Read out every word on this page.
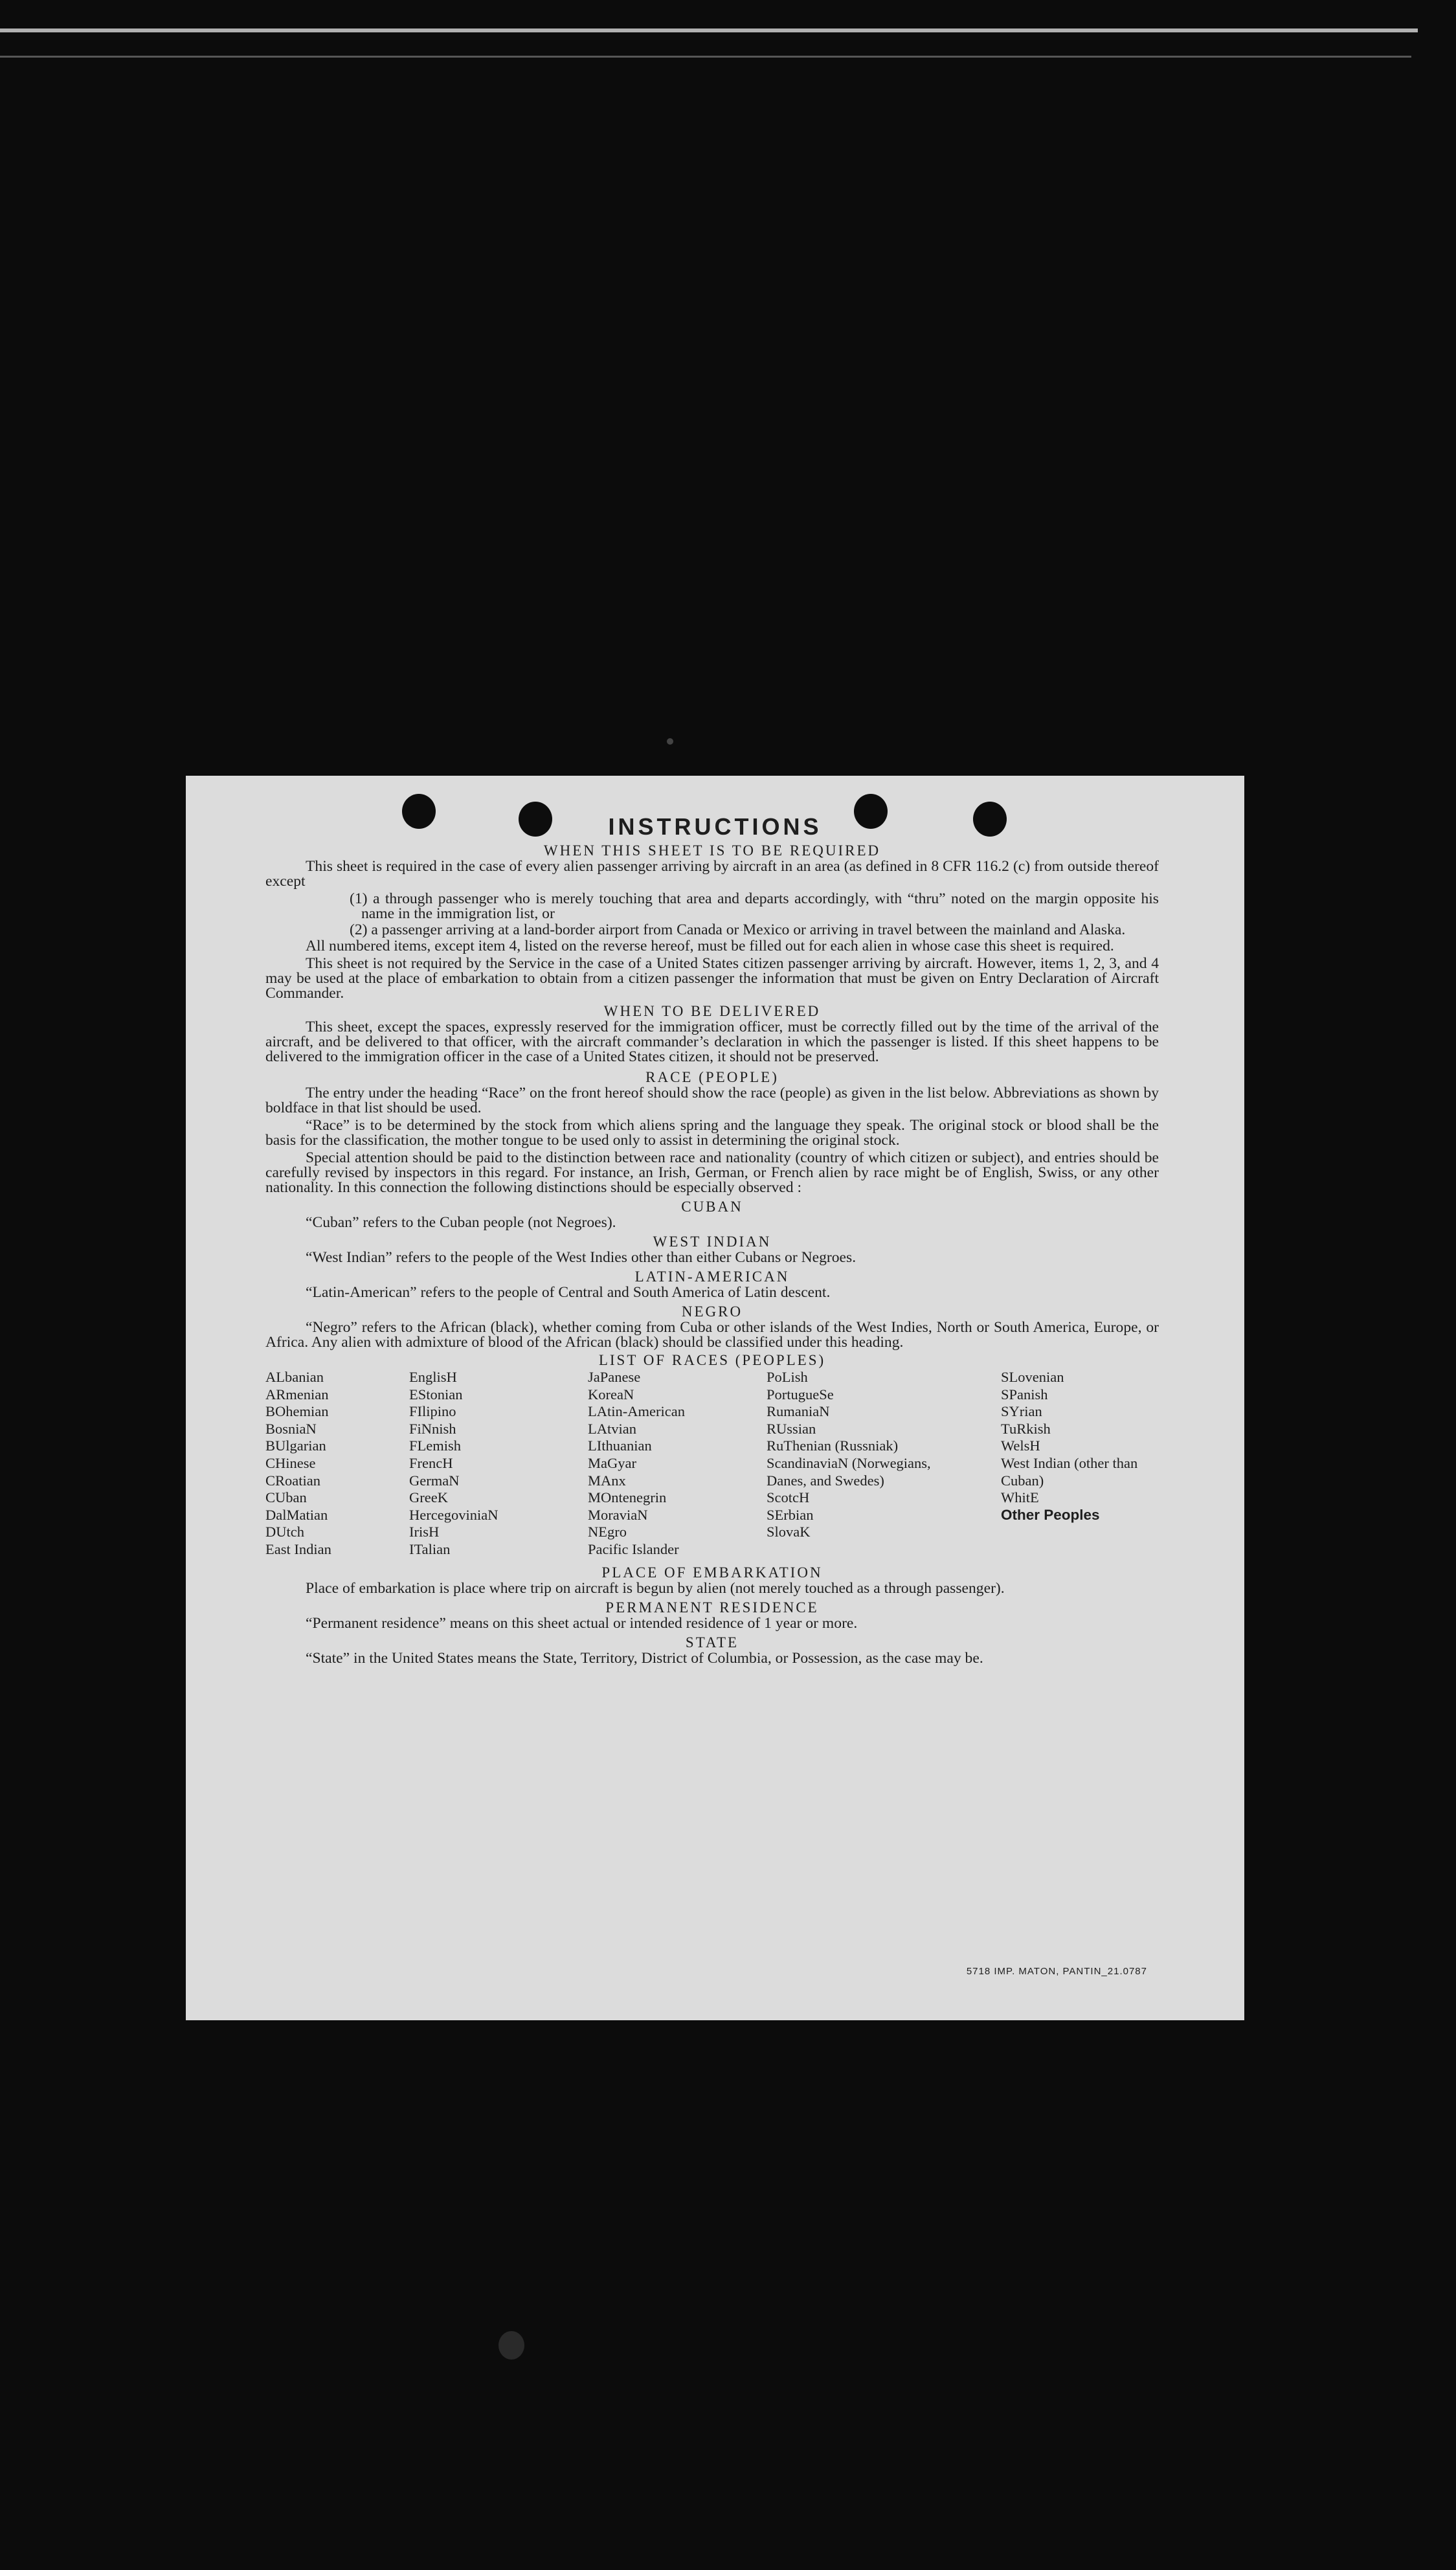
INSTRUCTIONS
WHEN THIS SHEET IS TO BE REQUIRED

This sheet is required in the case of every alien passenger arriving by aircraft in an area (as defined in 8 CFR 116.2 (c) from outside thereof except

(1) a through passenger who is merely touching that area and departs accordingly, with “thru” noted on the margin opposite his name in the immigration list, or
(2) a passenger arriving at a land-border airport from Canada or Mexico or arriving in travel between the mainland and Alaska.

All numbered items, except item 4, listed on the reverse hereof, must be filled out for each alien in whose case this sheet is required.

This sheet is not required by the Service in the case of a United States citizen passenger arriving by aircraft. However, items 1, 2, 3, and 4 may be used at the place of embarkation to obtain from a citizen passenger the information that must be given on Entry Declaration of Aircraft Commander.

WHEN TO BE DELIVERED

This sheet, except the spaces, expressly reserved for the immigration officer, must be correctly filled out by the time of the arrival of the aircraft, and be delivered to that officer, with the aircraft commander’s declaration in which the passenger is listed. If this sheet happens to be delivered to the immigration officer in the case of a United States citizen, it should not be preserved.

RACE (PEOPLE)

The entry under the heading “Race” on the front hereof should show the race (people) as given in the list below. Abbreviations as shown by boldface in that list should be used.

“Race” is to be determined by the stock from which aliens spring and the language they speak. The original stock or blood shall be the basis for the classification, the mother tongue to be used only to assist in determining the original stock.

Special attention should be paid to the distinction between race and nationality (country of which citizen or subject), and entries should be carefully revised by inspectors in this regard. For instance, an Irish, German, or French alien by race might be of English, Swiss, or any other nationality. In this connection the following distinctions should be especially observed :

CUBAN

“Cuban” refers to the Cuban people (not Negroes).

WEST INDIAN

“West Indian” refers to the people of the West Indies other than either Cubans or Negroes.

LATIN-AMERICAN

“Latin-American” refers to the people of Central and South America of Latin descent.

NEGRO

“Negro” refers to the African (black), whether coming from Cuba or other islands of the West Indies, North or South America, Europe, or Africa. Any alien with admixture of blood of the African (black) should be classified under this heading.

LIST OF RACES (PEOPLES)
ALbanian
ARmenian
BOhemian
BosniaN
BUlgarian
CHinese
CRoatian
CUban
DalMatian
DUtch
East Indian
EnglisH
EStonian
FIlipino
FiNnish
FLemish
FrencH
GermaN
GreeK
HercegoviniaN
IrisH
ITalian
JaPanese
KoreaN
LAtin-American
LAtvian
LIthuanian
MaGyar
MAnx
MOntenegrin
MoraviaN
NEgro
Pacific Islander
PoLish
PortugueSe
RumaniaN
RUssian
RuThenian (Russniak)
ScandinaviaN (Norwegians, Danes, and Swedes)
ScotcH
SErbian
SlovaK
SLovenian
SPanish
SYrian
TuRkish
WelsH
West Indian (other than Cuban)
WhitE
Other Peoples
PLACE OF EMBARKATION

Place of embarkation is place where trip on aircraft is begun by alien (not merely touched as a through passenger).

PERMANENT RESIDENCE

“Permanent residence” means on this sheet actual or intended residence of 1 year or more.

STATE

“State” in the United States means the State, Territory, District of Columbia, or Possession, as the case may be.

5718 IMP. MATON, PANTIN_21.0787
